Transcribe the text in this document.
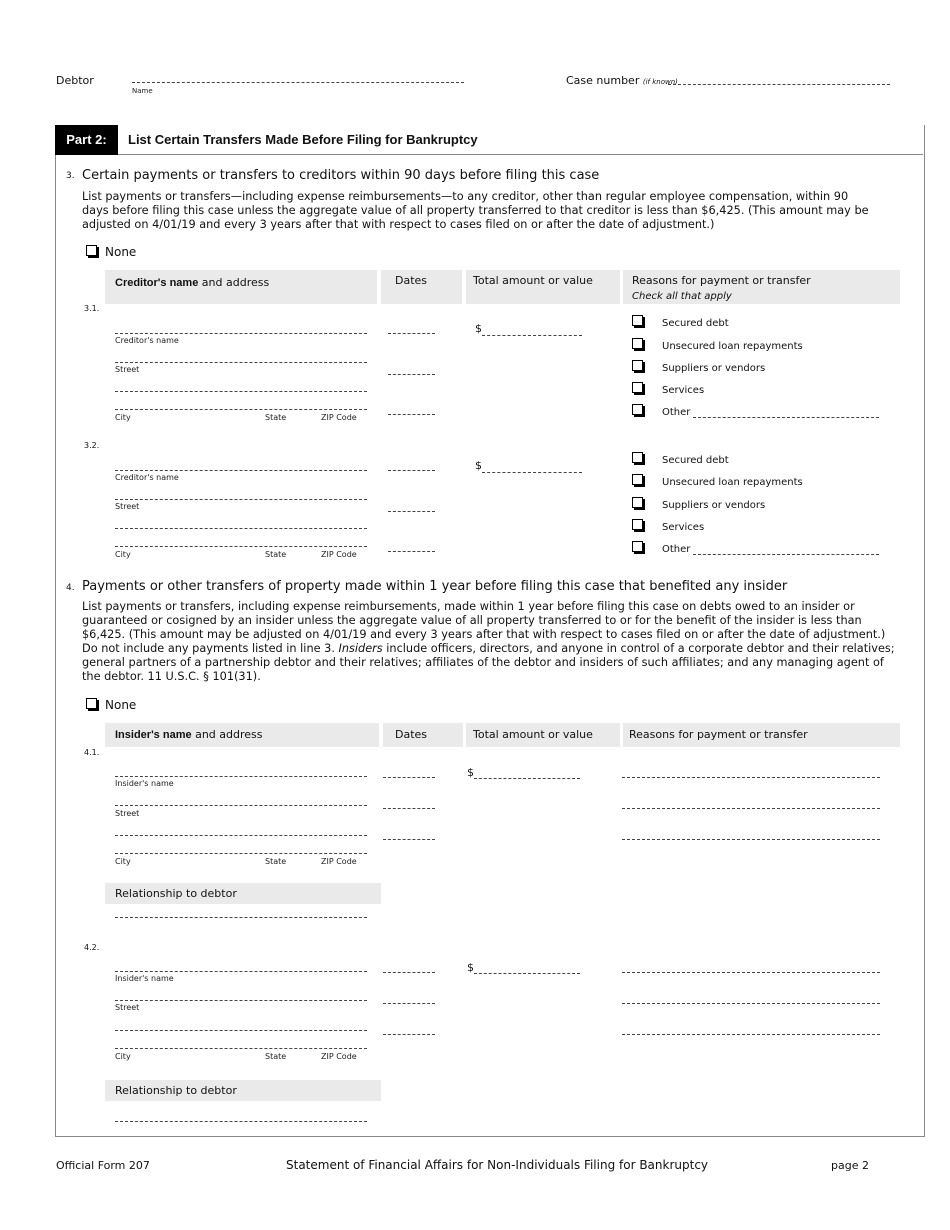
Debtor
Name
Case number (if known)
Part 2:	List Certain Transfers Made Before Filing for Bankruptcy
3. Certain payments or transfers to creditors within 90 days before filing this case
List payments or transfers—including expense reimbursements—to any creditor, other than regular employee compensation, within 90
days before filing this case unless the aggregate value of all property transferred to that creditor is less than $6,425. (This amount may be
adjusted on 4/01/19 and every 3 years after that with respect to cases filed on or after the date of adjustment.)
None
Creditor's name and address	Dates	Total amount or value	Reasons for payment or transfer
Check all that apply
3.1.
Creditor's name
Street
City	State	ZIP Code
$	Secured debt
Unsecured loan repayments
Suppliers or vendors
Services
Other
3.2.
Creditor's name
Street
City	State	ZIP Code
$	Secured debt
Unsecured loan repayments
Suppliers or vendors
Services
Other
4. Payments or other transfers of property made within 1 year before filing this case that benefited any insider
List payments or transfers, including expense reimbursements, made within 1 year before filing this case on debts owed to an insider or
guaranteed or cosigned by an insider unless the aggregate value of all property transferred to or for the benefit of the insider is less than
$6,425. (This amount may be adjusted on 4/01/19 and every 3 years after that with respect to cases filed on or after the date of adjustment.)
Do not include any payments listed in line 3. Insiders include officers, directors, and anyone in control of a corporate debtor and their relatives;
general partners of a partnership debtor and their relatives; affiliates of the debtor and insiders of such affiliates; and any managing agent of
the debtor. 11 U.S.C. § 101(31).
None
Insider's name and address	Dates	Total amount or value	Reasons for payment or transfer
4.1.
Insider's name
Street
City	State	ZIP Code
$
Relationship to debtor
4.2.
Insider's name
Street
City	State	ZIP Code
$
Relationship to debtor
Official Form 207	Statement of Financial Affairs for Non-Individuals Filing for Bankruptcy	page 2
